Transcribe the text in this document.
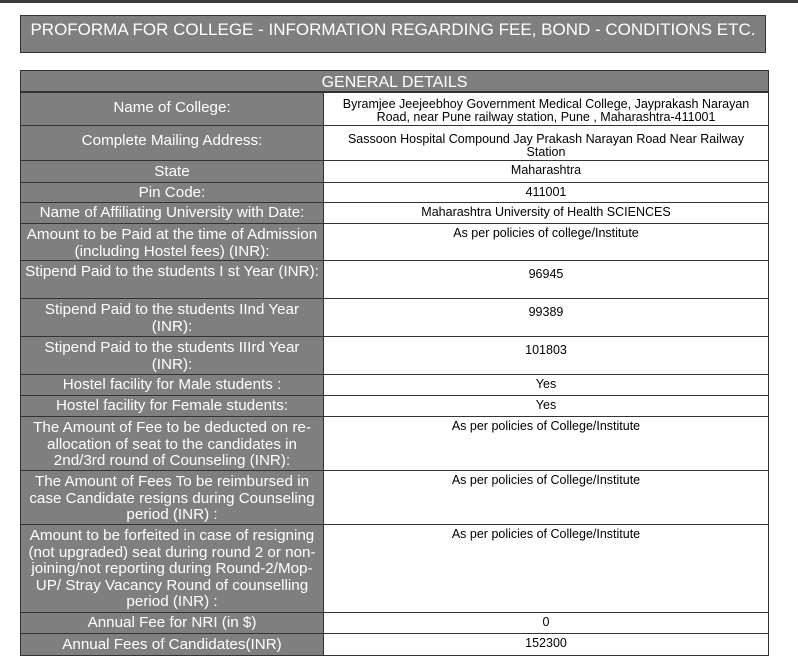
PROFORMA FOR COLLEGE - INFORMATION REGARDING FEE, BOND - CONDITIONS ETC.
GENERAL DETAILS
Name of College:	Byramjee Jeejeebhoy Government Medical College, Jayprakash Narayan Road, near Pune railway station, Pune , Maharashtra-411001

Complete Mailing Address:	Sassoon Hospital Compound Jay Prakash Narayan Road Near Railway Station

State	Maharashtra

Pin Code:	411001

Name of Affiliating University with Date:	Maharashtra University of Health SCIENCES

Amount to be Paid at the time of Admission (including Hostel fees) (INR):	As per policies of college/Institute

Stipend Paid to the students I st Year (INR):	96945

Stipend Paid to the students IInd Year (INR):	99389

Stipend Paid to the students IIIrd Year (INR):	101803

Hostel facility for Male students :	Yes

Hostel facility for Female students:	Yes

The Amount of Fee to be deducted on re-allocation of seat to the candidates in 2nd/3rd round of Counseling (INR):	As per policies of College/Institute

The Amount of Fees To be reimbursed in case Candidate resigns during Counseling period (INR) :	As per policies of College/Institute

Amount to be forfeited in case of resigning (not upgraded) seat during round 2 or non-joining/not reporting during Round-2/Mop-UP/ Stray Vacancy Round of counselling period (INR) :	As per policies of College/Institute

Annual Fee for NRI (in $)	0

Annual Fees of Candidates(INR)	152300
